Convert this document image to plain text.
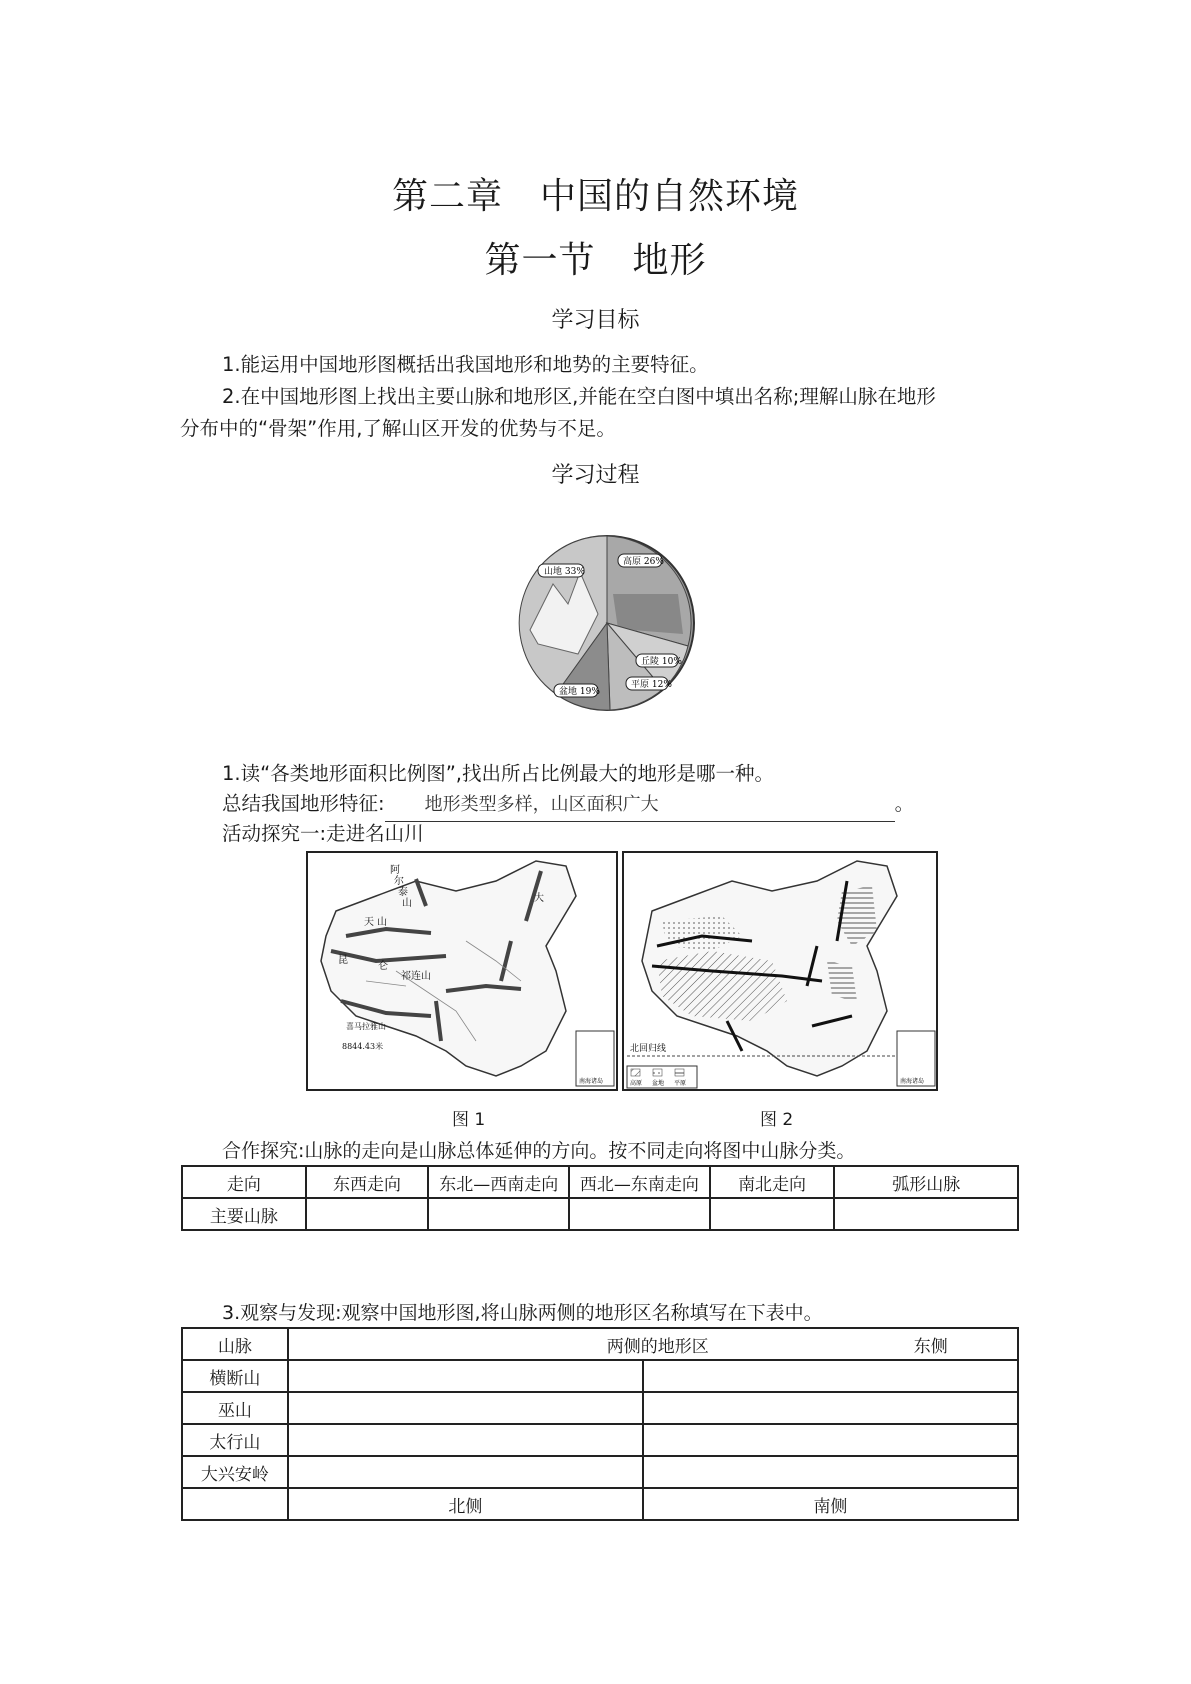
第二章　中国的自然环境
第一节　地形
学习目标
1.能运用中国地形图概括出我国地形和地势的主要特征。
2.在中国地形图上找出主要山脉和地形区,并能在空白图中填出名称;理解山脉在地形
分布中的“骨架”作用,了解山区开发的优势与不足。
学习过程
山地 33%
高原 26%
丘陵 10%
平原 12%
盆地 19%
1.读“各类地形面积比例图”,找出所占比例最大的地形是哪一种。
总结我国地形特征: 地形类型多样，山区面积广大	。
活动探究一:走进名山川
阿
尔
泰
山
天 山
昆
仑
祁连山
喜马拉雅山
8844.43米
大
南海诸岛
北回归线
高原 盆地 平原	南海诸岛
图 1	图 2
合作探究:山脉的走向是山脉总体延伸的方向。按不同走向将图中山脉分类。
走向	东西走向	东北—西南走向	西北—东南走向	南北走向	弧形山脉
主要山脉					
3.观察与发现:观察中国地形图,将山脉两侧的地形区名称填写在下表中。
山脉	两侧的地形区 东侧	

横断山		
巫山		
太行山		
大兴安岭		
	北侧	南侧
